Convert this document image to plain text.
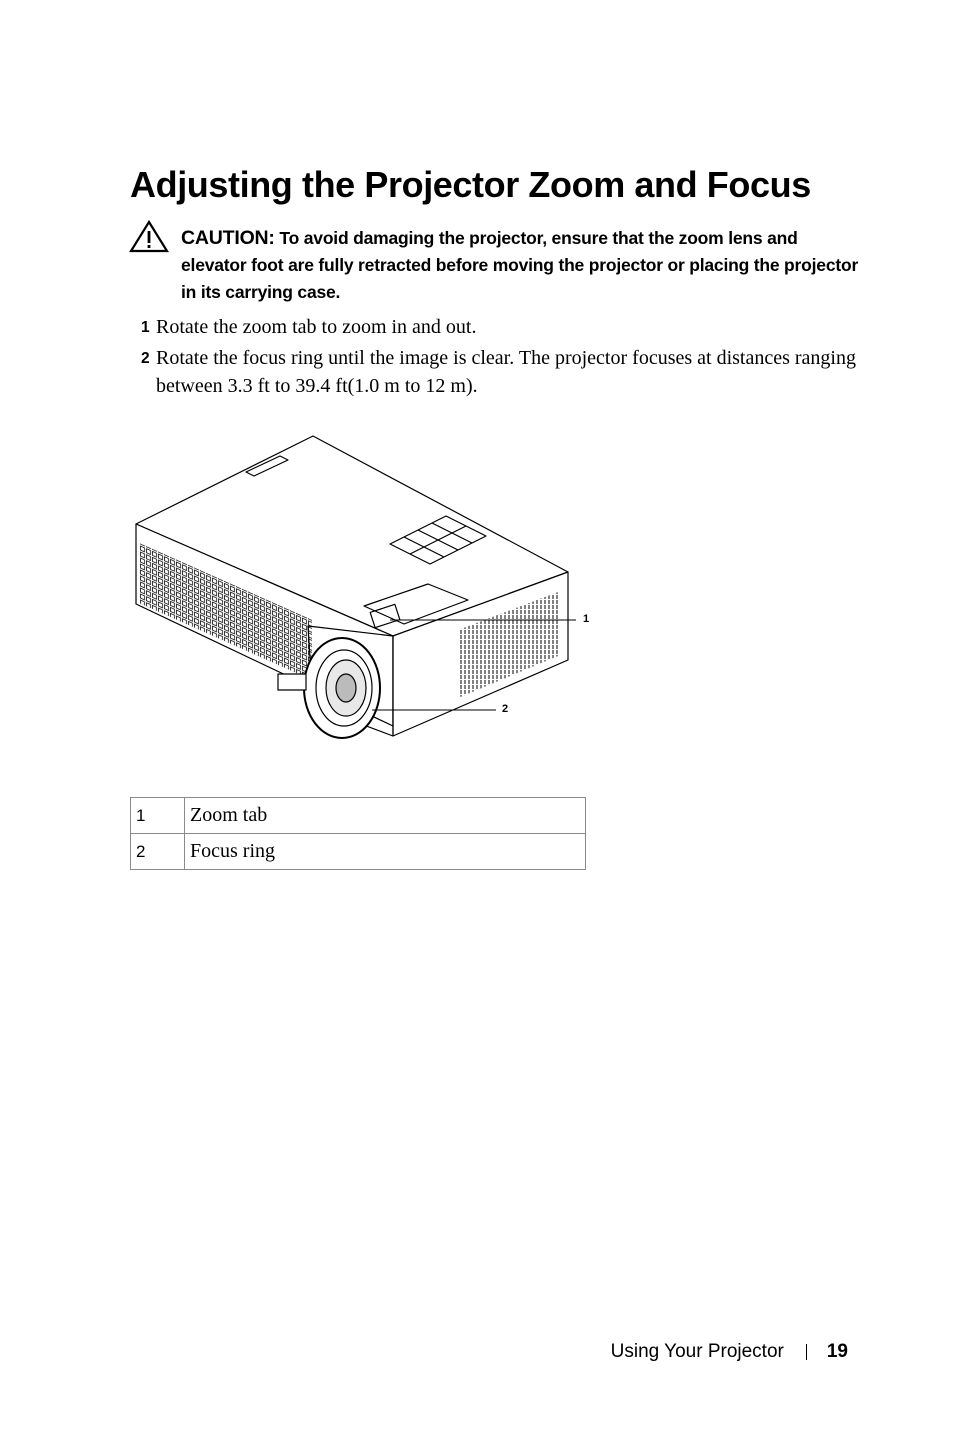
Adjusting the Projector Zoom and Focus
CAUTION: To avoid damaging the projector, ensure that the zoom lens and elevator foot are fully retracted before moving the projector or placing the projector in its carrying case.
1 Rotate the zoom tab to zoom in and out.
2 Rotate the focus ring until the image is clear. The projector focuses at distances ranging between 3.3 ft to 39.4 ft(1.0 m to 12 m).
1
2
1	Zoom tab
2	Focus ring
Using Your Projector 19
